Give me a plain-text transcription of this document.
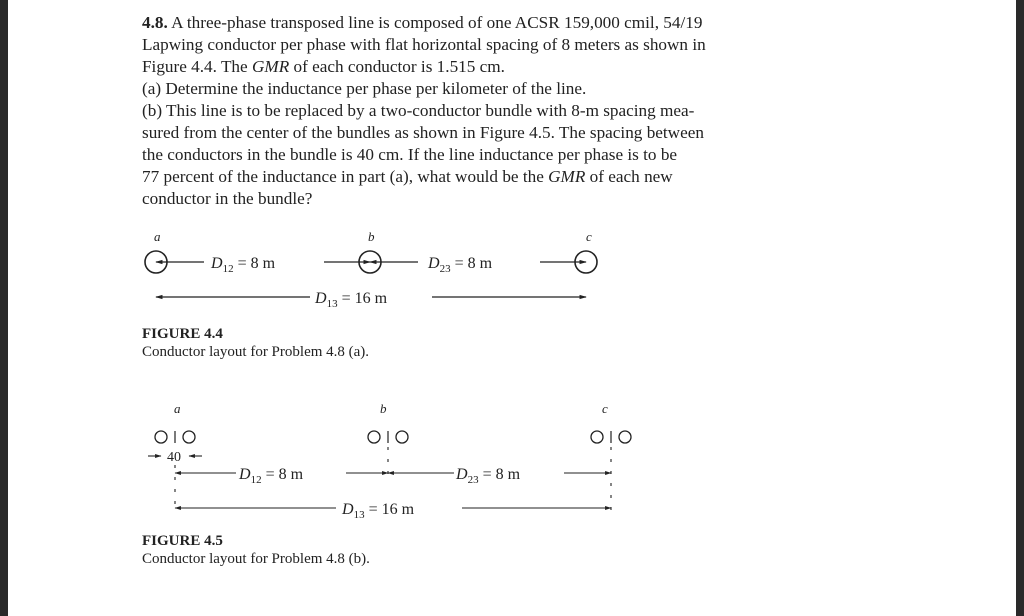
4.8. A three-phase transposed line is composed of one ACSR 159,000 cmil, 54/19
Lapwing conductor per phase with flat horizontal spacing of 8 meters as shown in
Figure 4.4. The GMR of each conductor is 1.515 cm.

(a) Determine the inductance per phase per kilometer of the line.

(b) This line is to be replaced by a two-conductor bundle with 8-m spacing mea-
sured from the center of the bundles as shown in Figure 4.5. The spacing between
the conductors in the bundle is 40 cm. If the line inductance per phase is to be
77 percent of the inductance in part (a), what would be the GMR of each new
conductor in the bundle?

a	b	c
$D_{12} = 8$ m	$D_{23} = 8$ m
$D_{13} = 16$ m
a	b	c
40
$D_{12} = 8$ m	$D_{23} = 8$ m
$D_{13} = 16$ m
FIGURE 4.4
Conductor layout for Problem 4.8 (a).
FIGURE 4.5
Conductor layout for Problem 4.8 (b).
